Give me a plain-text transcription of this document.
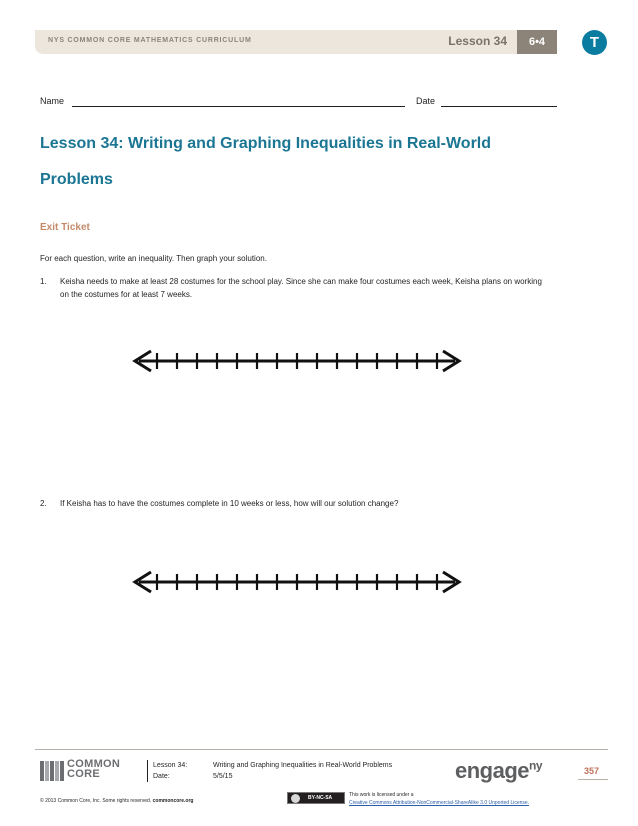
NYS COMMON CORE MATHEMATICS CURRICULUM	Lesson 34	6•4	T
Name	Date
Lesson 34: Writing and Graphing Inequalities in Real-World Problems
Exit Ticket
For each question, write an inequality. Then graph your solution.
1. Keisha needs to make at least 28 costumes for the school play. Since she can make four costumes each week, Keisha plans on working on the costumes for at least 7 weeks.
2. If Keisha has to have the costumes complete in 10 weeks or less, how will our solution change?
COMMON
CORE
Lesson 34:	Writing and Graphing Inequalities in Real-World Problems
Date:	5/5/15	engage$^{ny}$	357
© 2013 Common Core, Inc. Some rights reserved. commoncore.org	BY-NC-SA	This work is licensed under a
Creative Commons Attribution-NonCommercial-ShareAlike 3.0 Unported License.
